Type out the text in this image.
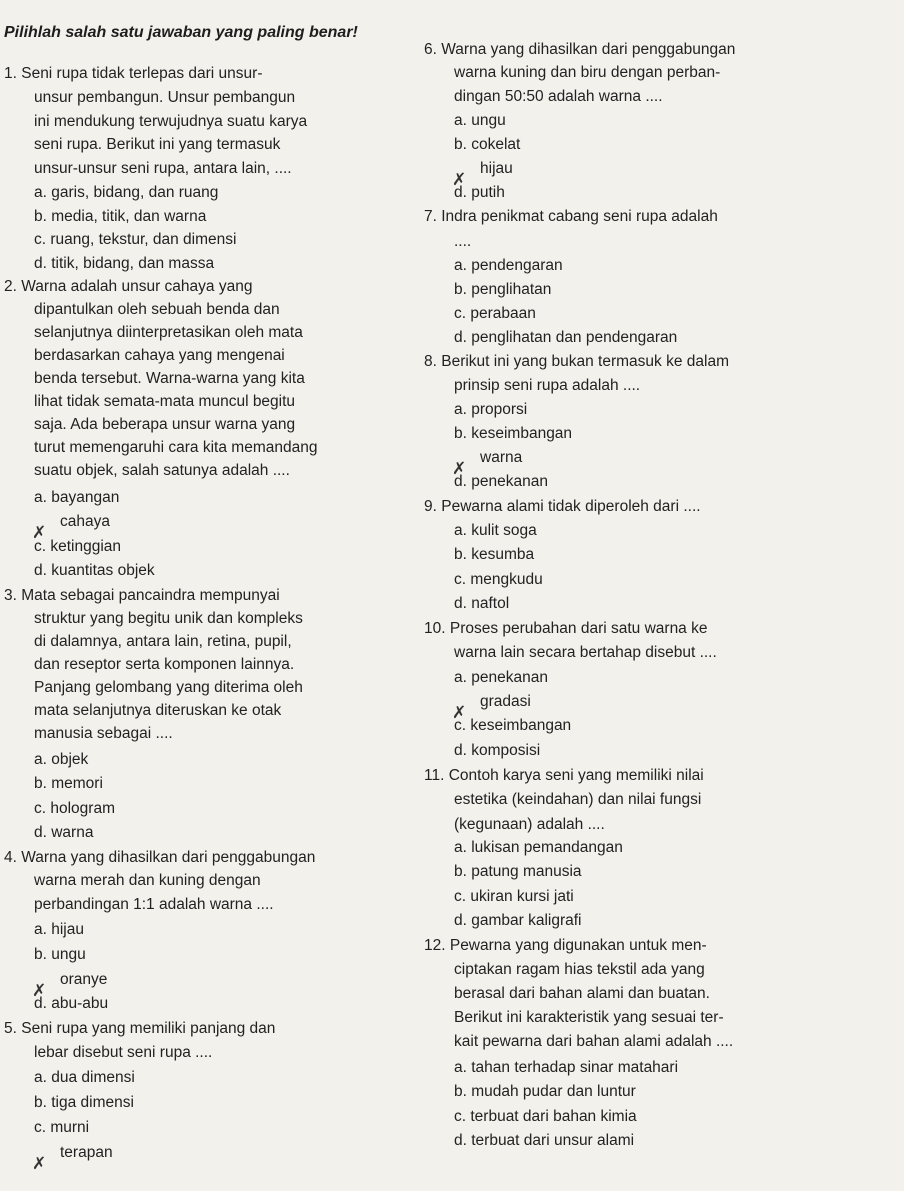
Pilihlah salah satu jawaban yang paling benar!
1. Seni rupa tidak terlepas dari unsur-
unsur pembangun. Unsur pembangun
ini mendukung terwujudnya suatu karya
seni rupa. Berikut ini yang termasuk
unsur-unsur seni rupa, antara lain, ....
a. garis, bidang, dan ruang
b. media, titik, dan warna
c. ruang, tekstur, dan dimensi
d. titik, bidang, dan massa
2. Warna adalah unsur cahaya yang
dipantulkan oleh sebuah benda dan
selanjutnya diinterpretasikan oleh mata
berdasarkan cahaya yang mengenai
benda tersebut. Warna-warna yang kita
lihat tidak semata-mata muncul begitu
saja. Ada beberapa unsur warna yang
turut memengaruhi cara kita memandang
suatu objek, salah satunya adalah ....
a. bayangan
✗
cahaya
c. ketinggian
d. kuantitas objek
3. Mata sebagai pancaindra mempunyai
struktur yang begitu unik dan kompleks
di dalamnya, antara lain, retina, pupil,
dan reseptor serta komponen lainnya.
Panjang gelombang yang diterima oleh
mata selanjutnya diteruskan ke otak
manusia sebagai ....
a. objek
b. memori
c. hologram
d. warna
4. Warna yang dihasilkan dari penggabungan
warna merah dan kuning dengan
perbandingan 1:1 adalah warna ....
a. hijau
b. ungu
✗
oranye
d. abu-abu
5. Seni rupa yang memiliki panjang dan
lebar disebut seni rupa ....
a. dua dimensi
b. tiga dimensi
c. murni
✗
terapan
6. Warna yang dihasilkan dari penggabungan
warna kuning dan biru dengan perban-
dingan 50:50 adalah warna ....
a. ungu
b. cokelat
✗
hijau
d. putih
7. Indra penikmat cabang seni rupa adalah
....
a. pendengaran
b. penglihatan
c. perabaan
d. penglihatan dan pendengaran
8. Berikut ini yang bukan termasuk ke dalam
prinsip seni rupa adalah ....
a. proporsi
b. keseimbangan
✗
warna
d. penekanan
9. Pewarna alami tidak diperoleh dari ....
a. kulit soga
b. kesumba
c. mengkudu
d. naftol
10. Proses perubahan dari satu warna ke
warna lain secara bertahap disebut ....
a. penekanan
✗
gradasi
c. keseimbangan
d. komposisi
11. Contoh karya seni yang memiliki nilai
estetika (keindahan) dan nilai fungsi
(kegunaan) adalah ....
a. lukisan pemandangan
b. patung manusia
c. ukiran kursi jati
d. gambar kaligrafi
12. Pewarna yang digunakan untuk men-
ciptakan ragam hias tekstil ada yang
berasal dari bahan alami dan buatan.
Berikut ini karakteristik yang sesuai ter-
kait pewarna dari bahan alami adalah ....
a. tahan terhadap sinar matahari
b. mudah pudar dan luntur
c. terbuat dari bahan kimia
d. terbuat dari unsur alami
